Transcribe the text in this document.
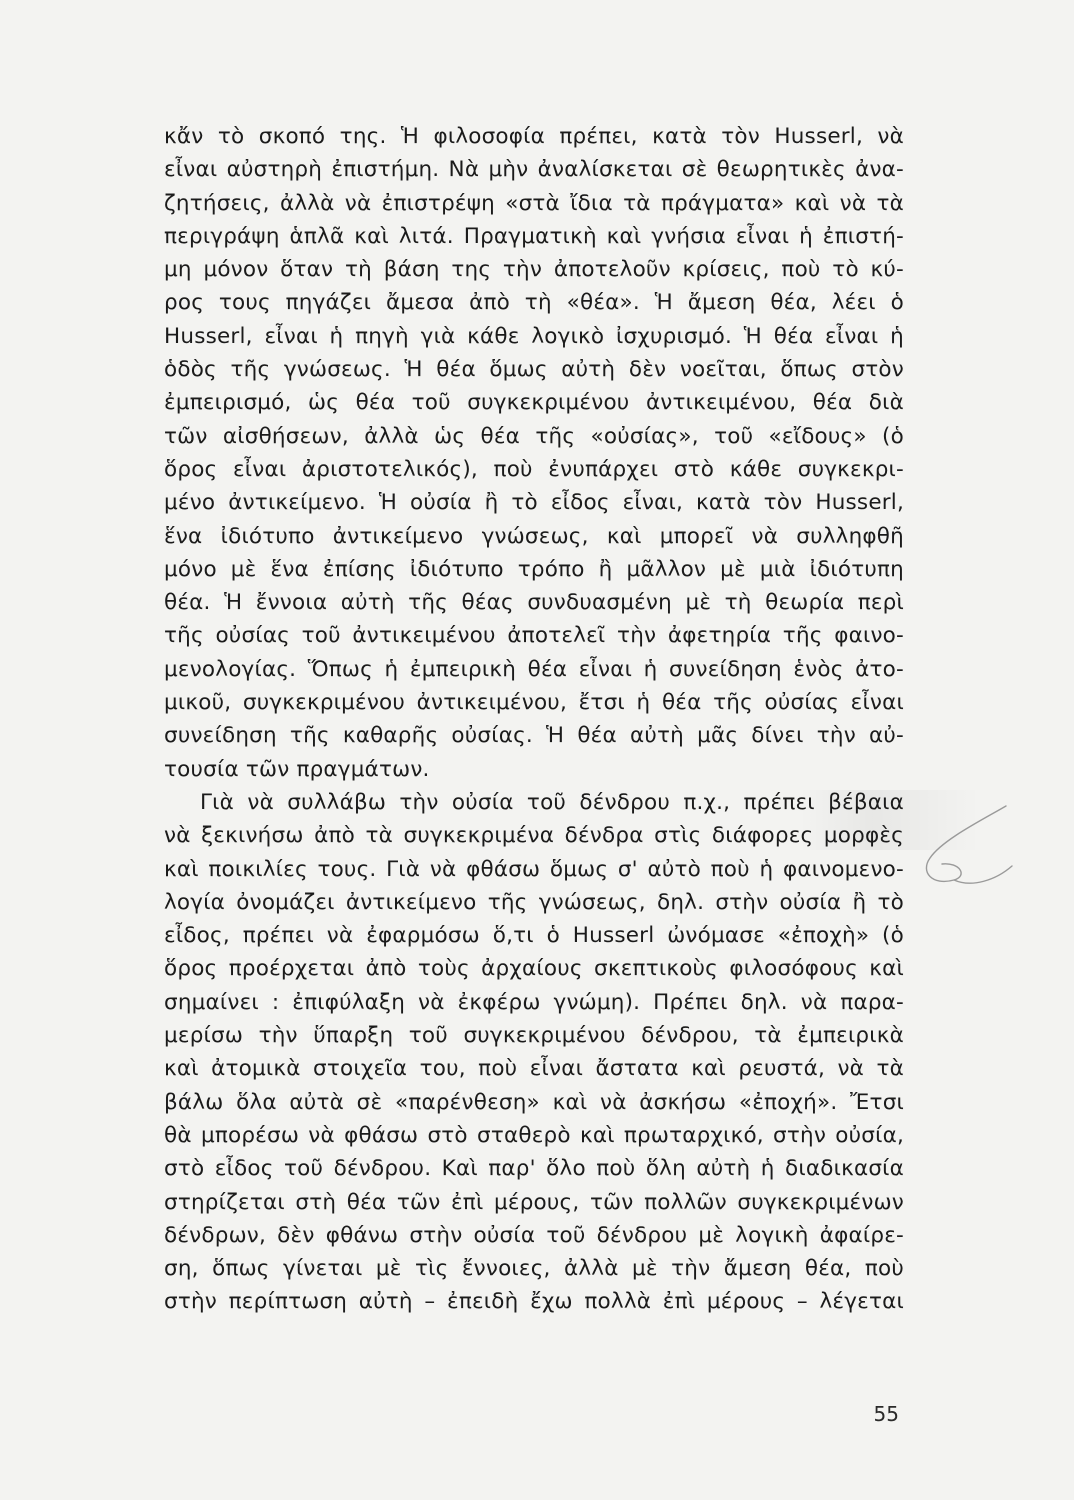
κἄν τὸ σκοπό της. Ἡ φιλοσοφία πρέπει, κατὰ τὸν Husserl, νὰ
εἶναι αὐστηρὴ ἐπιστήμη. Νὰ μὴν ἀναλίσκεται σὲ θεωρητικὲς ἀνα-
ζητήσεις, ἀλλὰ νὰ ἐπιστρέψη «στὰ ἴδια τὰ πράγματα» καὶ νὰ τὰ
περιγράψη ἁπλᾶ καὶ λιτά. Πραγματικὴ καὶ γνήσια εἶναι ἡ ἐπιστή-
μη μόνον ὅταν τὴ βάση της τὴν ἀποτελοῦν κρίσεις, ποὺ τὸ κύ-
ρος τους πηγάζει ἄμεσα ἀπὸ τὴ «θέα». Ἡ ἄμεση θέα, λέει ὁ
Husserl, εἶναι ἡ πηγὴ γιὰ κάθε λογικὸ ἰσχυρισμό. Ἡ θέα εἶναι ἡ
ὁδὸς τῆς γνώσεως. Ἡ θέα ὅμως αὐτὴ δὲν νοεῖται, ὅπως στὸν
ἐμπειρισμό, ὡς θέα τοῦ συγκεκριμένου ἀντικειμένου, θέα διὰ
τῶν αἰσθήσεων, ἀλλὰ ὡς θέα τῆς «οὐσίας», τοῦ «εἴδους» (ὁ
ὅρος εἶναι ἀριστοτελικός), ποὺ ἐνυπάρχει στὸ κάθε συγκεκρι-
μένο ἀντικείμενο. Ἡ οὐσία ἢ τὸ εἶδος εἶναι, κατὰ τὸν Husserl,
ἕνα ἰδιότυπο ἀντικείμενο γνώσεως, καὶ μπορεῖ νὰ συλληφθῆ
μόνο μὲ ἕνα ἐπίσης ἰδιότυπο τρόπο ἢ μᾶλλον μὲ μιὰ ἰδιότυπη
θέα. Ἡ ἔννοια αὐτὴ τῆς θέας συνδυασμένη μὲ τὴ θεωρία περὶ
τῆς οὐσίας τοῦ ἀντικειμένου ἀποτελεῖ τὴν ἀφετηρία τῆς φαινο-
μενολογίας. Ὅπως ἡ ἐμπειρικὴ θέα εἶναι ἡ συνείδηση ἑνὸς ἀτο-
μικοῦ, συγκεκριμένου ἀντικειμένου, ἔτσι ἡ θέα τῆς οὐσίας εἶναι
συνείδηση τῆς καθαρῆς οὐσίας. Ἡ θέα αὐτὴ μᾶς δίνει τὴν αὐ-
τουσία τῶν πραγμάτων.
Γιὰ νὰ συλλάβω τὴν οὐσία τοῦ δένδρου π.χ., πρέπει βέβαια
νὰ ξεκινήσω ἀπὸ τὰ συγκεκριμένα δένδρα στὶς διάφορες μορφὲς
καὶ ποικιλίες τους. Γιὰ νὰ φθάσω ὅμως σ' αὐτὸ ποὺ ἡ φαινομενο-
λογία ὀνομάζει ἀντικείμενο τῆς γνώσεως, δηλ. στὴν οὐσία ἢ τὸ
εἶδος, πρέπει νὰ ἐφαρμόσω ὅ,τι ὁ Husserl ὠνόμασε «ἐποχὴ» (ὁ
ὅρος προέρχεται ἀπὸ τοὺς ἀρχαίους σκεπτικοὺς φιλοσόφους καὶ
σημαίνει : ἐπιφύλαξη νὰ ἐκφέρω γνώμη). Πρέπει δηλ. νὰ παρα-
μερίσω τὴν ὕπαρξη τοῦ συγκεκριμένου δένδρου, τὰ ἐμπειρικὰ
καὶ ἀτομικὰ στοιχεῖα του, ποὺ εἶναι ἄστατα καὶ ρευστά, νὰ τὰ
βάλω ὅλα αὐτὰ σὲ «παρένθεση» καὶ νὰ ἀσκήσω «ἐποχή». Ἔτσι
θὰ μπορέσω νὰ φθάσω στὸ σταθερὸ καὶ πρωταρχικό, στὴν οὐσία,
στὸ εἶδος τοῦ δένδρου. Καὶ παρ' ὅλο ποὺ ὅλη αὐτὴ ἡ διαδικασία
στηρίζεται στὴ θέα τῶν ἐπὶ μέρους, τῶν πολλῶν συγκεκριμένων
δένδρων, δὲν φθάνω στὴν οὐσία τοῦ δένδρου μὲ λογικὴ ἀφαίρε-
ση, ὅπως γίνεται μὲ τὶς ἔννοιες, ἀλλὰ μὲ τὴν ἄμεση θέα, ποὺ
στὴν περίπτωση αὐτὴ – ἐπειδὴ ἔχω πολλὰ ἐπὶ μέρους – λέγεται
55
